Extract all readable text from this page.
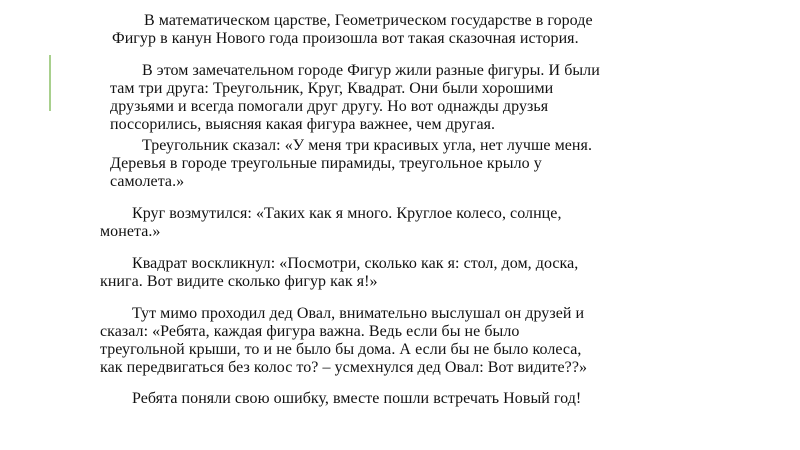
В математическом царстве, Геометрическом государстве в городе
Фигур в канун Нового года произошла вот такая сказочная история.
В этом замечательном городе Фигур жили разные фигуры. И были
там три друга: Треугольник, Круг, Квадрат. Они были хорошими
друзьями и всегда помогали друг другу. Но вот однажды друзья
поссорились, выясняя какая фигура важнее, чем другая.
Треугольник сказал: «У меня три красивых угла, нет лучше меня.
Деревья в городе треугольные пирамиды, треугольное крыло у
самолета.»
Круг возмутился: «Таких как я много. Круглое колесо, солнце,
монета.»
Квадрат воскликнул: «Посмотри, сколько как я: стол, дом, доска,
книга. Вот видите сколько фигур как я!»
Тут мимо проходил дед Овал, внимательно выслушал он друзей и
сказал: «Ребята, каждая фигура важна. Ведь если бы не было
треугольной крыши, то и не было бы дома. А если бы не было колеса,
как передвигаться без колос то? – усмехнулся дед Овал: Вот видите??»
Ребята поняли свою ошибку, вместе пошли встречать Новый год!
